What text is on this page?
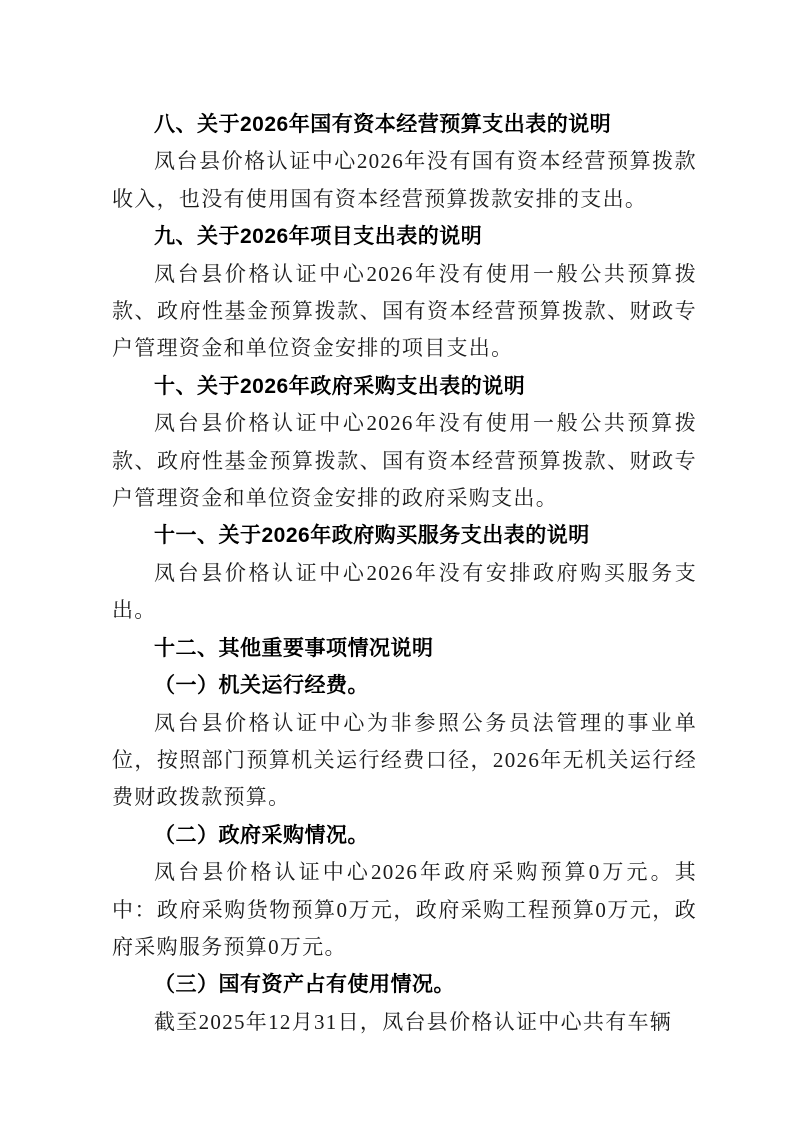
八、关于2026年国有资本经营预算支出表的说明

凤台县价格认证中心2026年没有国有资本经营预算拨款收入，也没有使用国有资本经营预算拨款安排的支出。

九、关于2026年项目支出表的说明

凤台县价格认证中心2026年没有使用一般公共预算拨款、政府性基金预算拨款、国有资本经营预算拨款、财政专户管理资金和单位资金安排的项目支出。

十、关于2026年政府采购支出表的说明

凤台县价格认证中心2026年没有使用一般公共预算拨款、政府性基金预算拨款、国有资本经营预算拨款、财政专户管理资金和单位资金安排的政府采购支出。

十一、关于2026年政府购买服务支出表的说明

凤台县价格认证中心2026年没有安排政府购买服务支出。

十二、其他重要事项情况说明

（一）机关运行经费。

凤台县价格认证中心为非参照公务员法管理的事业单位，按照部门预算机关运行经费口径，2026年无机关运行经费财政拨款预算。

（二）政府采购情况。

凤台县价格认证中心2026年政府采购预算0万元。其中：政府采购货物预算0万元，政府采购工程预算0万元，政府采购服务预算0万元。

（三）国有资产占有使用情况。

截至2025年12月31日，凤台县价格认证中心共有车辆
